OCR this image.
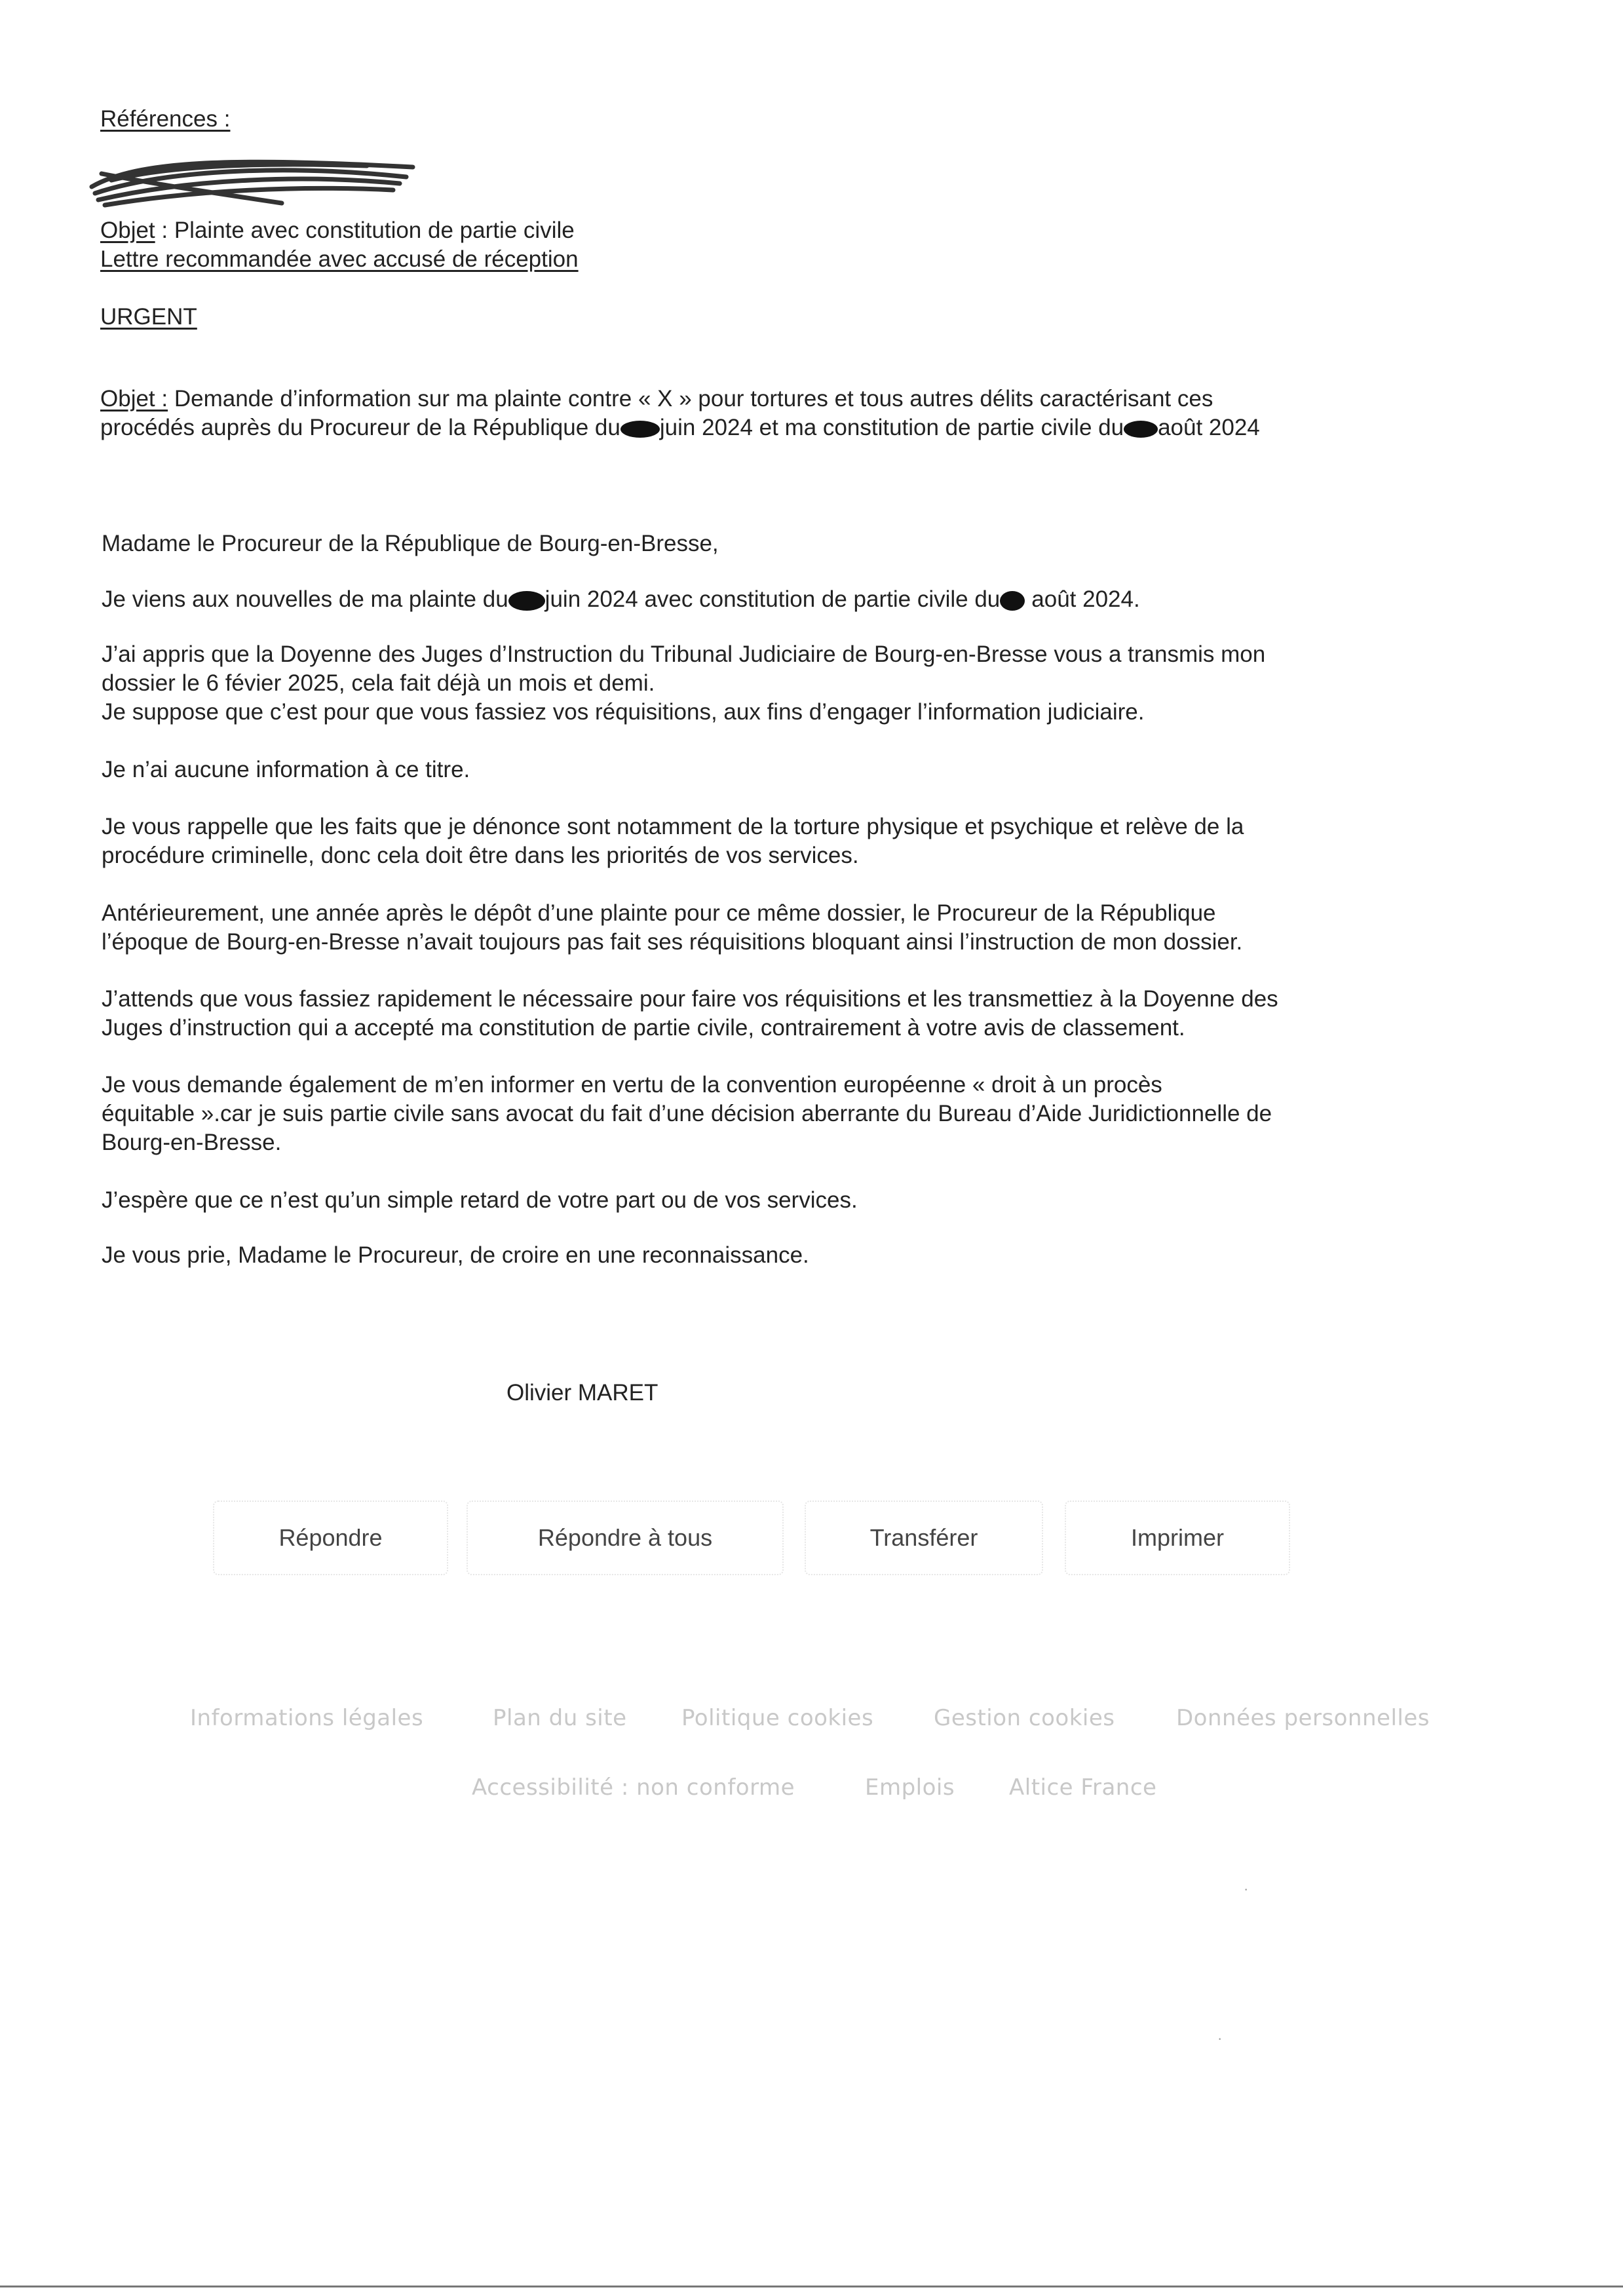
Références :
Objet : Plainte avec constitution de partie civile
Lettre recommandée avec accusé de réception
URGENT
Objet : Demande d’information sur ma plainte contre « X » pour tortures et tous autres délits caractérisant ces
procédés auprès du Procureur de la République du juin 2024 et ma constitution de partie civile du août 2024
Madame le Procureur de la République de Bourg-en-Bresse,
Je viens aux nouvelles de ma plainte du juin 2024 avec constitution de partie civile du août 2024.
J’ai appris que la Doyenne des Juges d’Instruction du Tribunal Judiciaire de Bourg-en-Bresse vous a transmis mon
dossier le 6 févier 2025, cela fait déjà un mois et demi.
Je suppose que c’est pour que vous fassiez vos réquisitions, aux fins d’engager l’information judiciaire.
Je n’ai aucune information à ce titre.
Je vous rappelle que les faits que je dénonce sont notamment de la torture physique et psychique et relève de la
procédure criminelle, donc cela doit être dans les priorités de vos services.
Antérieurement, une année après le dépôt d’une plainte pour ce même dossier, le Procureur de la République
l’époque de Bourg-en-Bresse n’avait toujours pas fait ses réquisitions bloquant ainsi l’instruction de mon dossier.
J’attends que vous fassiez rapidement le nécessaire pour faire vos réquisitions et les transmettiez à la Doyenne des
Juges d’instruction qui a accepté ma constitution de partie civile, contrairement à votre avis de classement.
Je vous demande également de m’en informer en vertu de la convention européenne « droit à un procès
équitable ».car je suis partie civile sans avocat du fait d’une décision aberrante du Bureau d’Aide Juridictionnelle de
Bourg-en-Bresse.
J’espère que ce n’est qu’un simple retard de votre part ou de vos services.
Je vous prie, Madame le Procureur, de croire en une reconnaissance.
Olivier MARET
Répondre	Répondre à tous	Transférer	Imprimer
Informations légales	Plan du site Politique cookies	Gestion cookies	Données personnelles
Accessibilité : non conforme	Emplois Altice France
·
·
